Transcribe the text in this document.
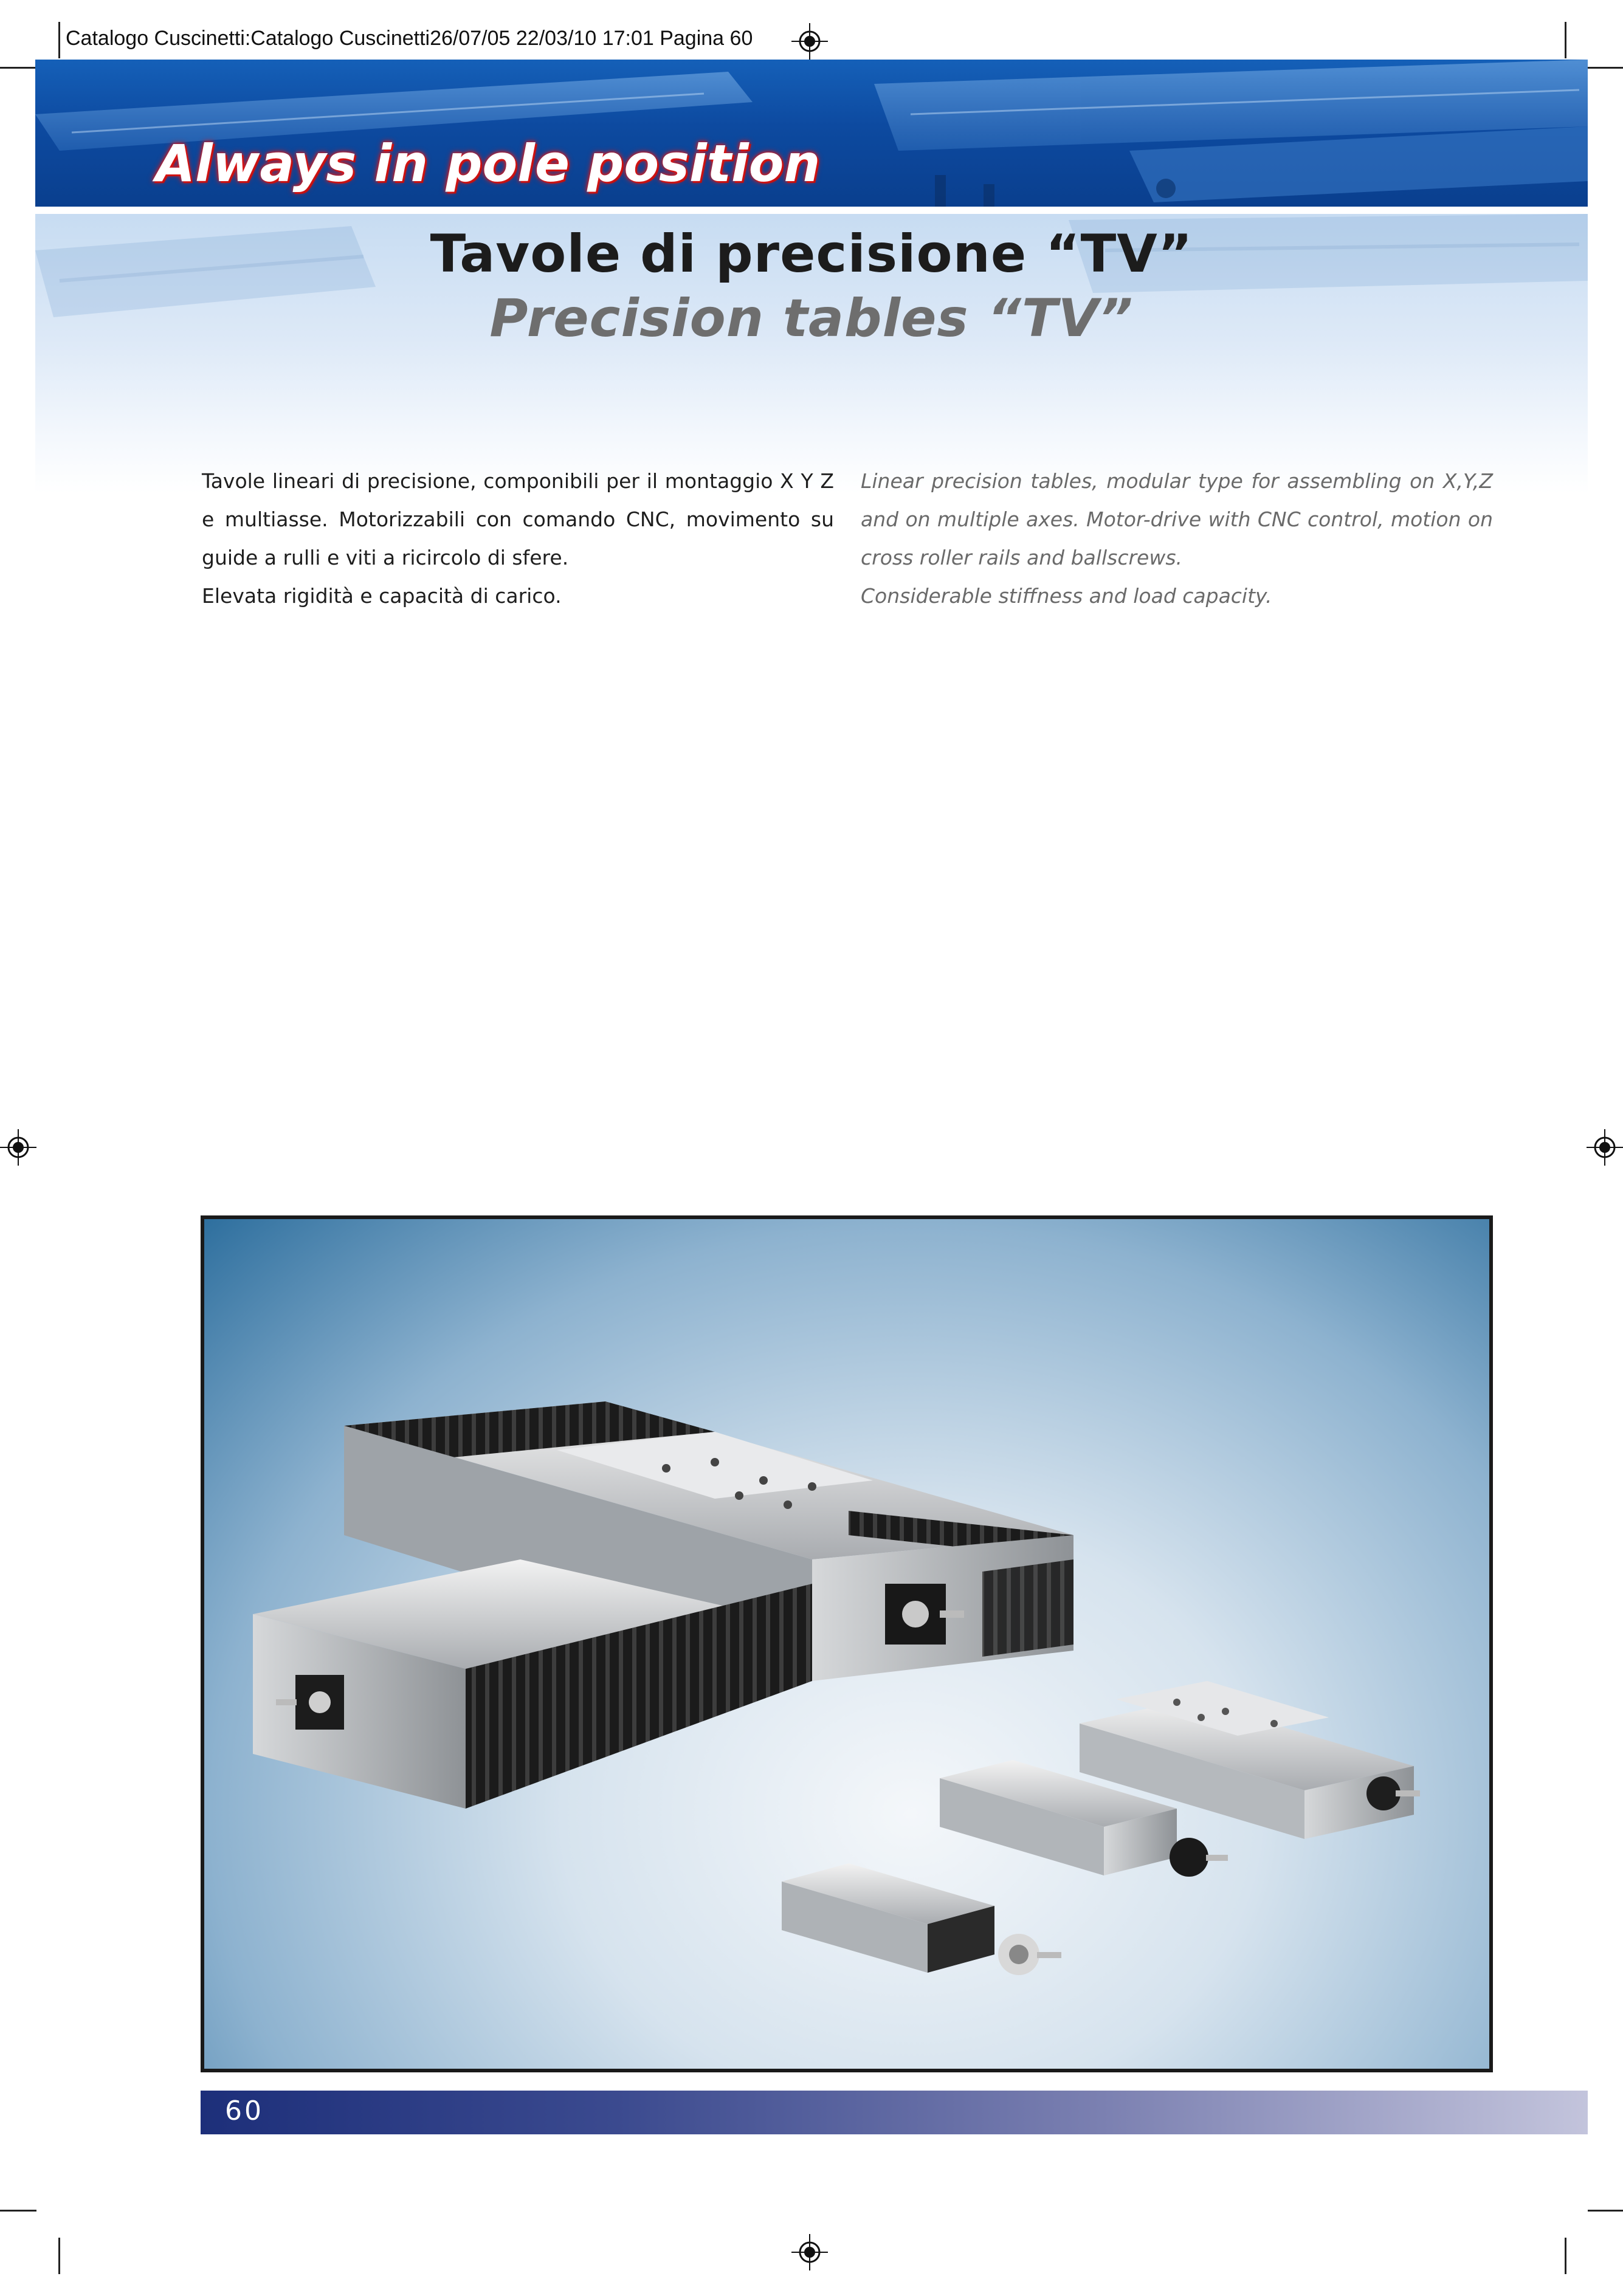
Catalogo Cuscinetti:Catalogo Cuscinetti26/07/05 22/03/10 17:01 Pagina 60
Always in pole position
Tavole di precisione “TV”
Precision tables “TV”

Tavole lineari di precisione, componibili per il montaggio X Y Z e multiasse. Motorizzabili con comando CNC, movimento su guide a rulli e viti a ricircolo di sfere.

Elevata rigidità e capacità di carico.

Linear precision tables, modular type for assembling on X,Y,Z and on multiple axes. Motor-drive with CNC control, motion on cross roller rails and ballscrews.

Considerable stiffness and load capacity.

60
